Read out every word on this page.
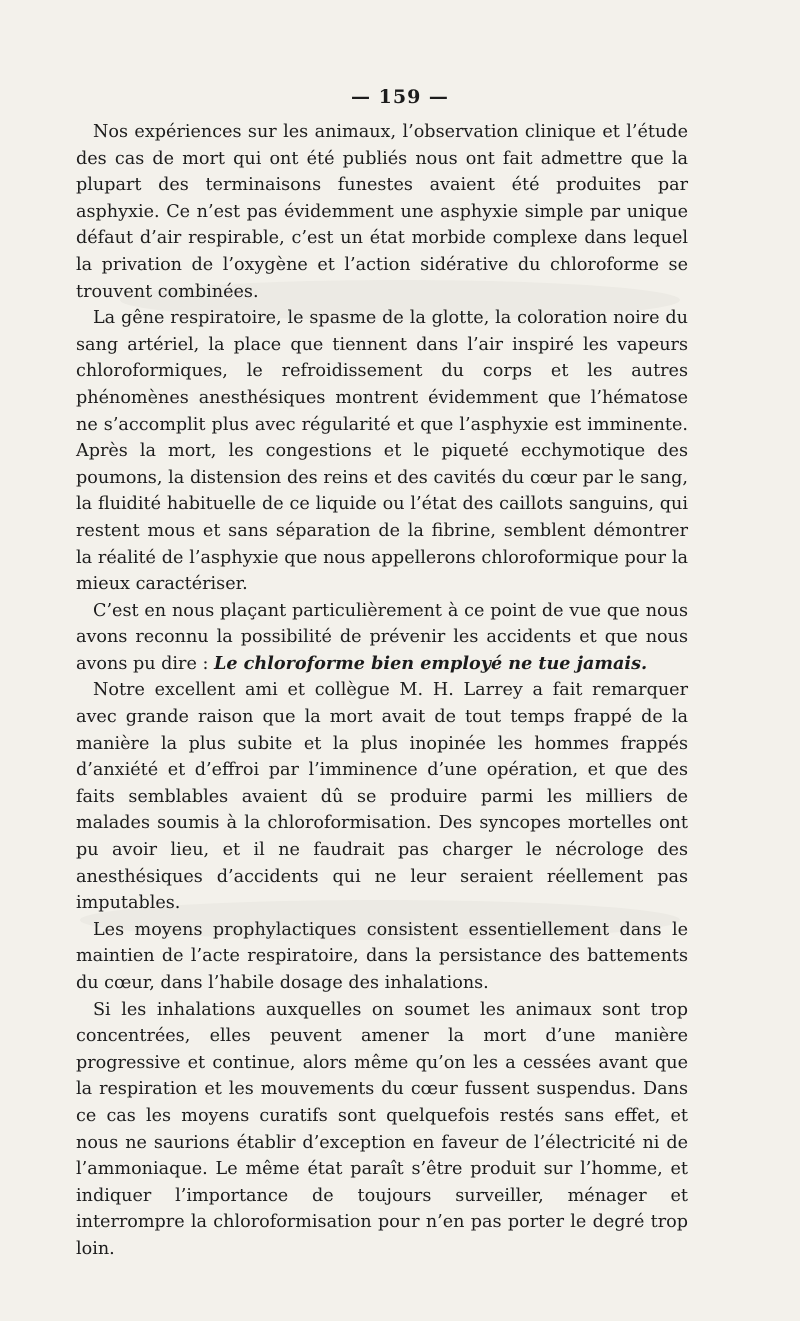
— 159 —

Nos expériences sur les animaux, l’observation clinique et l’étude des cas de mort qui ont été publiés nous ont fait admettre que la plupart des terminaisons funestes avaient été produites par asphyxie. Ce n’est pas évidemment une asphyxie simple par unique défaut d’air respirable, c’est un état morbide complexe dans lequel la privation de l’oxygène et l’action sidérative du chloroforme se trouvent combinées.

La gêne respiratoire, le spasme de la glotte, la coloration noire du sang artériel, la place que tiennent dans l’air inspiré les vapeurs chloroformiques, le refroidissement du corps et les autres phénomènes anesthésiques montrent évidemment que l’hématose ne s’accomplit plus avec régularité et que l’asphyxie est imminente. Après la mort, les congestions et le piqueté ecchymotique des poumons, la distension des reins et des cavités du cœur par le sang, la fluidité habituelle de ce liquide ou l’état des caillots sanguins, qui restent mous et sans séparation de la fibrine, semblent démontrer la réalité de l’asphyxie que nous appellerons chloroformique pour la mieux caractériser.

C’est en nous plaçant particulièrement à ce point de vue que nous avons reconnu la possibilité de prévenir les accidents et que nous avons pu dire : Le chloroforme bien employé ne tue jamais.

Notre excellent ami et collègue M. H. Larrey a fait remarquer avec grande raison que la mort avait de tout temps frappé de la manière la plus subite et la plus inopinée les hommes frappés d’anxiété et d’effroi par l’imminence d’une opération, et que des faits semblables avaient dû se produire parmi les milliers de malades soumis à la chloroformisation. Des syncopes mortelles ont pu avoir lieu, et il ne faudrait pas charger le nécrologe des anesthésiques d’accidents qui ne leur seraient réellement pas imputables.

Les moyens prophylactiques consistent essentiellement dans le maintien de l’acte respiratoire, dans la persistance des battements du cœur, dans l’habile dosage des inhalations.

Si les inhalations auxquelles on soumet les animaux sont trop concentrées, elles peuvent amener la mort d’une manière progressive et continue, alors même qu’on les a cessées avant que la respiration et les mouvements du cœur fussent suspendus. Dans ce cas les moyens curatifs sont quelquefois restés sans effet, et nous ne saurions établir d’exception en faveur de l’électricité ni de l’ammoniaque. Le même état paraît s’être produit sur l’homme, et indiquer l’importance de toujours surveiller, ménager et interrompre la chloroformisation pour n’en pas porter le degré trop loin.
